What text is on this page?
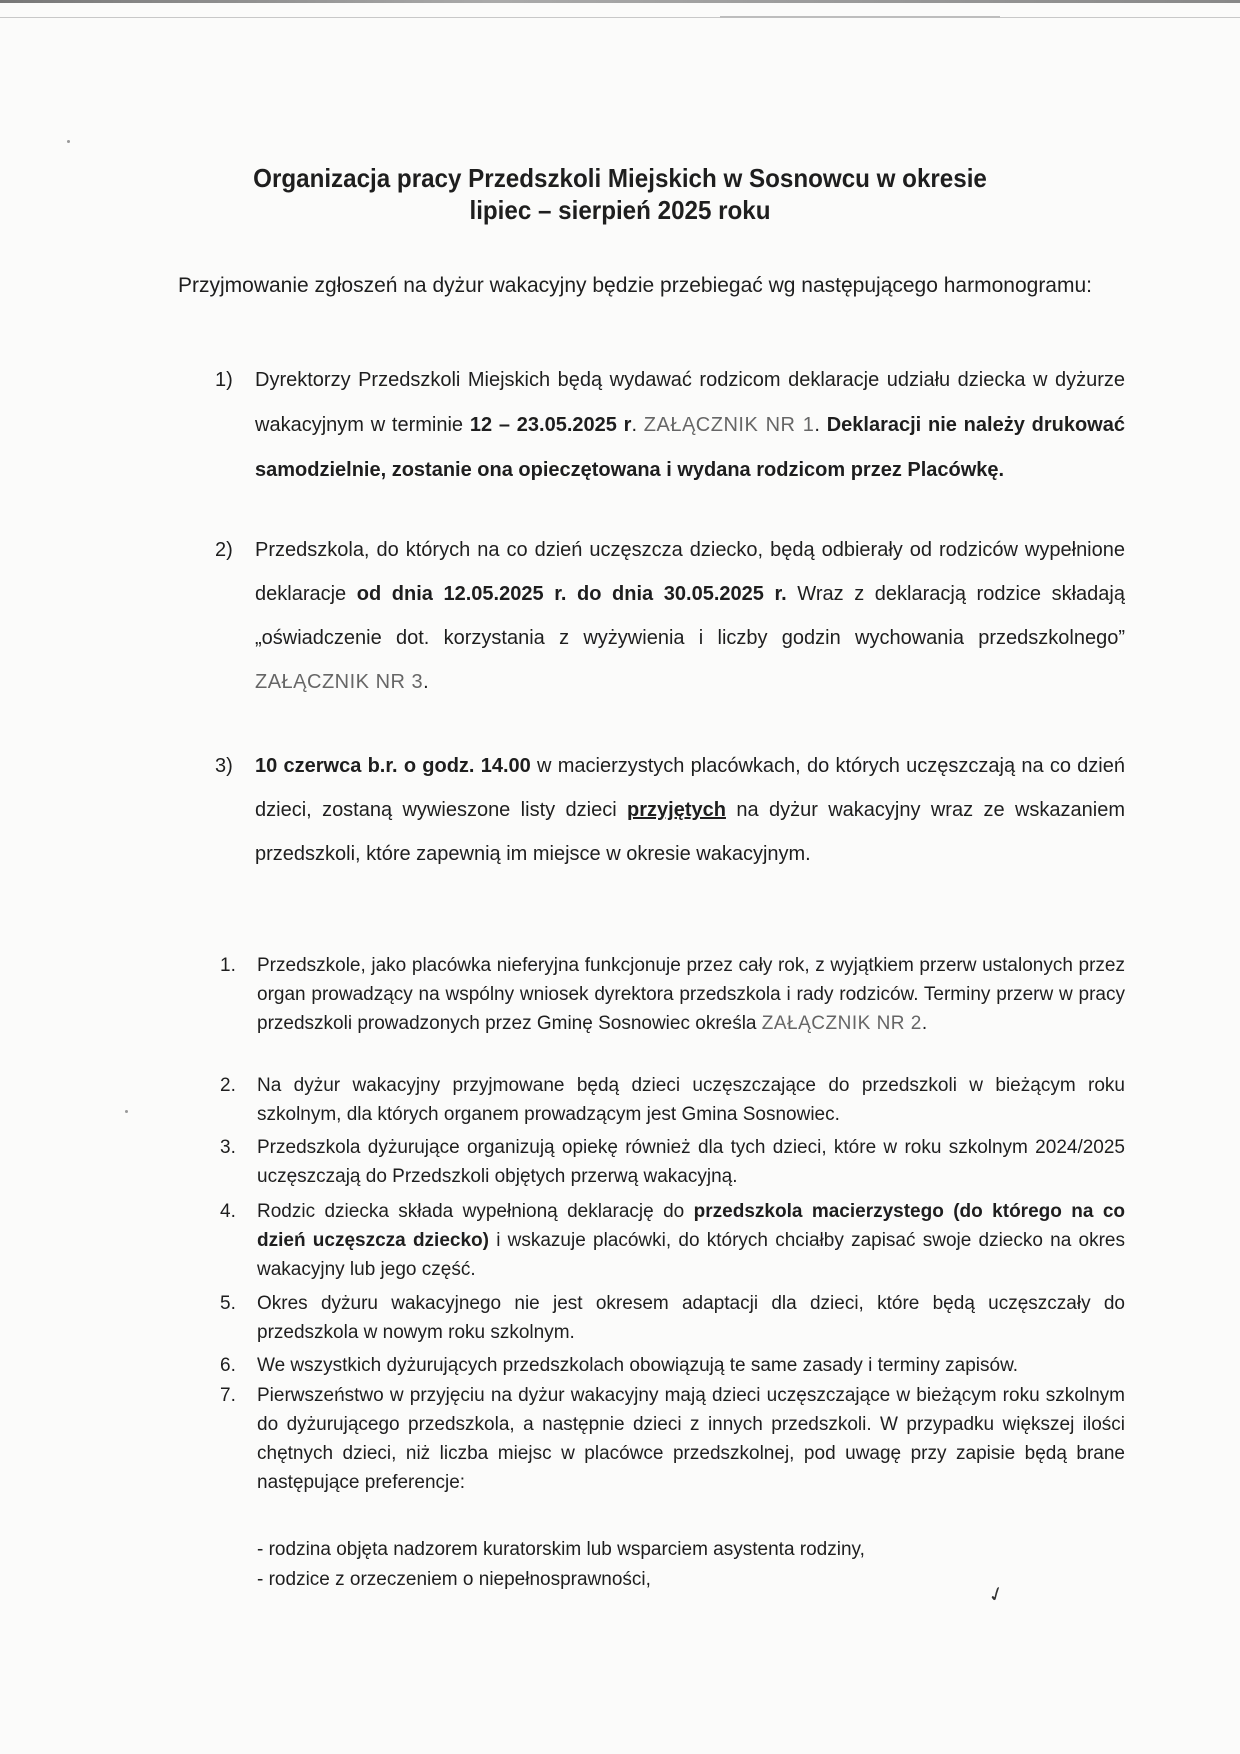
Organizacja pracy Przedszkoli Miejskich w Sosnowcu w okresie
lipiec – sierpień 2025 roku
Przyjmowanie zgłoszeń na dyżur wakacyjny będzie przebiegać wg następującego harmonogramu:
1)	Dyrektorzy Przedszkoli Miejskich będą wydawać rodzicom deklaracje udziału dziecka w dyżurze wakacyjnym w terminie 12 – 23.05.2025 r. ZAŁĄCZNIK NR 1. Deklaracji nie należy drukować samodzielnie, zostanie ona opieczętowana i wydana rodzicom przez Placówkę.
2)	Przedszkola, do których na co dzień uczęszcza dziecko, będą odbierały od rodziców wypełnione deklaracje od dnia 12.05.2025 r. do dnia 30.05.2025 r. Wraz z deklaracją rodzice składają „oświadczenie dot. korzystania z wyżywienia i liczby godzin wychowania przedszkolnego” ZAŁĄCZNIK NR 3.
3)	10 czerwca b.r. o godz. 14.00 w macierzystych placówkach, do których uczęszczają na co dzień dzieci, zostaną wywieszone listy dzieci przyjętych na dyżur wakacyjny wraz ze wskazaniem przedszkoli, które zapewnią im miejsce w okresie wakacyjnym.
1.	Przedszkole, jako placówka nieferyjna funkcjonuje przez cały rok, z wyjątkiem przerw ustalonych przez organ prowadzący na wspólny wniosek dyrektora przedszkola i rady rodziców. Terminy przerw w pracy przedszkoli prowadzonych przez Gminę Sosnowiec określa ZAŁĄCZNIK NR 2.
2.	Na dyżur wakacyjny przyjmowane będą dzieci uczęszczające do przedszkoli w bieżącym roku szkolnym, dla których organem prowadzącym jest Gmina Sosnowiec.
3.	Przedszkola dyżurujące organizują opiekę również dla tych dzieci, które w roku szkolnym 2024/2025 uczęszczają do Przedszkoli objętych przerwą wakacyjną.
4.	Rodzic dziecka składa wypełnioną deklarację do przedszkola macierzystego (do którego na co dzień uczęszcza dziecko) i wskazuje placówki, do których chciałby zapisać swoje dziecko na okres wakacyjny lub jego część.
5.	Okres dyżuru wakacyjnego nie jest okresem adaptacji dla dzieci, które będą uczęszczały do przedszkola w nowym roku szkolnym.
6.	We wszystkich dyżurujących przedszkolach obowiązują te same zasady i terminy zapisów.
7.	Pierwszeństwo w przyjęciu na dyżur wakacyjny mają dzieci uczęszczające w bieżącym roku szkolnym do dyżurującego przedszkola, a następnie dzieci z innych przedszkoli. W przypadku większej ilości chętnych dzieci, niż liczba miejsc w placówce przedszkolnej, pod uwagę przy zapisie będą brane następujące preferencje:
- rodzina objęta nadzorem kuratorskim lub wsparciem asystenta rodziny,
- rodzice z orzeczeniem o niepełnosprawności,
✓
